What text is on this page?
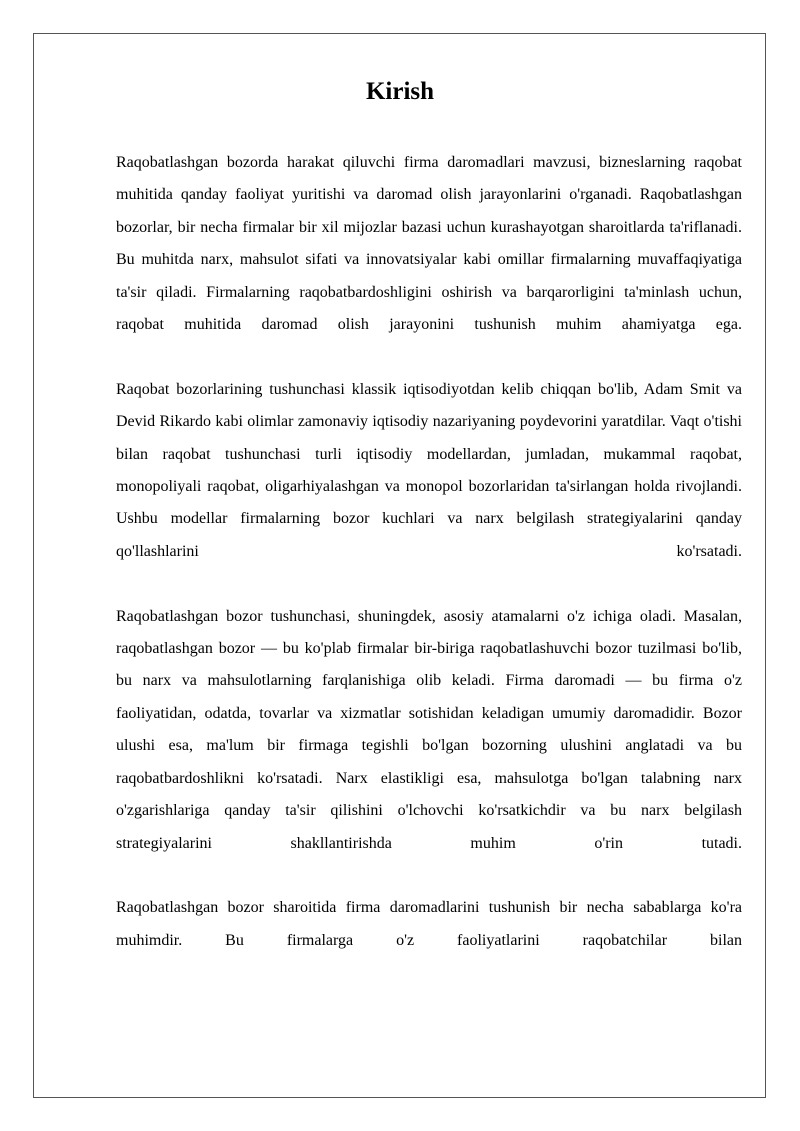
Kirish

Raqobatlashgan bozorda harakat qiluvchi firma daromadlari mavzusi, bizneslarning raqobat muhitida qanday faoliyat yuritishi va daromad olish jarayonlarini o'rganadi. Raqobatlashgan bozorlar, bir necha firmalar bir xil mijozlar bazasi uchun kurashayotgan sharoitlarda ta'riflanadi. Bu muhitda narx, mahsulot sifati va innovatsiyalar kabi omillar firmalarning muvaffaqiyatiga ta'sir qiladi. Firmalarning raqobatbardoshligini oshirish va barqarorligini ta'minlash uchun, raqobat muhitida daromad olish jarayonini tushunish muhim ahamiyatga ega.

Raqobat bozorlarining tushunchasi klassik iqtisodiyotdan kelib chiqqan bo'lib, Adam Smit va Devid Rikardo kabi olimlar zamonaviy iqtisodiy nazariyaning poydevorini yaratdilar. Vaqt o'tishi bilan raqobat tushunchasi turli iqtisodiy modellardan, jumladan, mukammal raqobat, monopoliyali raqobat, oligarhiyalashgan va monopol bozorlaridan ta'sirlangan holda rivojlandi. Ushbu modellar firmalarning bozor kuchlari va narx belgilash strategiyalarini qanday qo'llashlarini ko'rsatadi.

Raqobatlashgan bozor tushunchasi, shuningdek, asosiy atamalarni o'z ichiga oladi. Masalan, raqobatlashgan bozor — bu ko'plab firmalar bir-biriga raqobatlashuvchi bozor tuzilmasi bo'lib, bu narx va mahsulotlarning farqlanishiga olib keladi. Firma daromadi — bu firma o'z faoliyatidan, odatda, tovarlar va xizmatlar sotishidan keladigan umumiy daromadidir. Bozor ulushi esa, ma'lum bir firmaga tegishli bo'lgan bozorning ulushini anglatadi va bu raqobatbardoshlikni ko'rsatadi. Narx elastikligi esa, mahsulotga bo'lgan talabning narx o'zgarishlariga qanday ta'sir qilishini o'lchovchi ko'rsatkichdir va bu narx belgilash strategiyalarini shakllantirishda muhim o'rin tutadi.

Raqobatlashgan bozor sharoitida firma daromadlarini tushunish bir necha sabablarga ko'ra muhimdir. Bu firmalarga o'z faoliyatlarini raqobatchilar bilan
